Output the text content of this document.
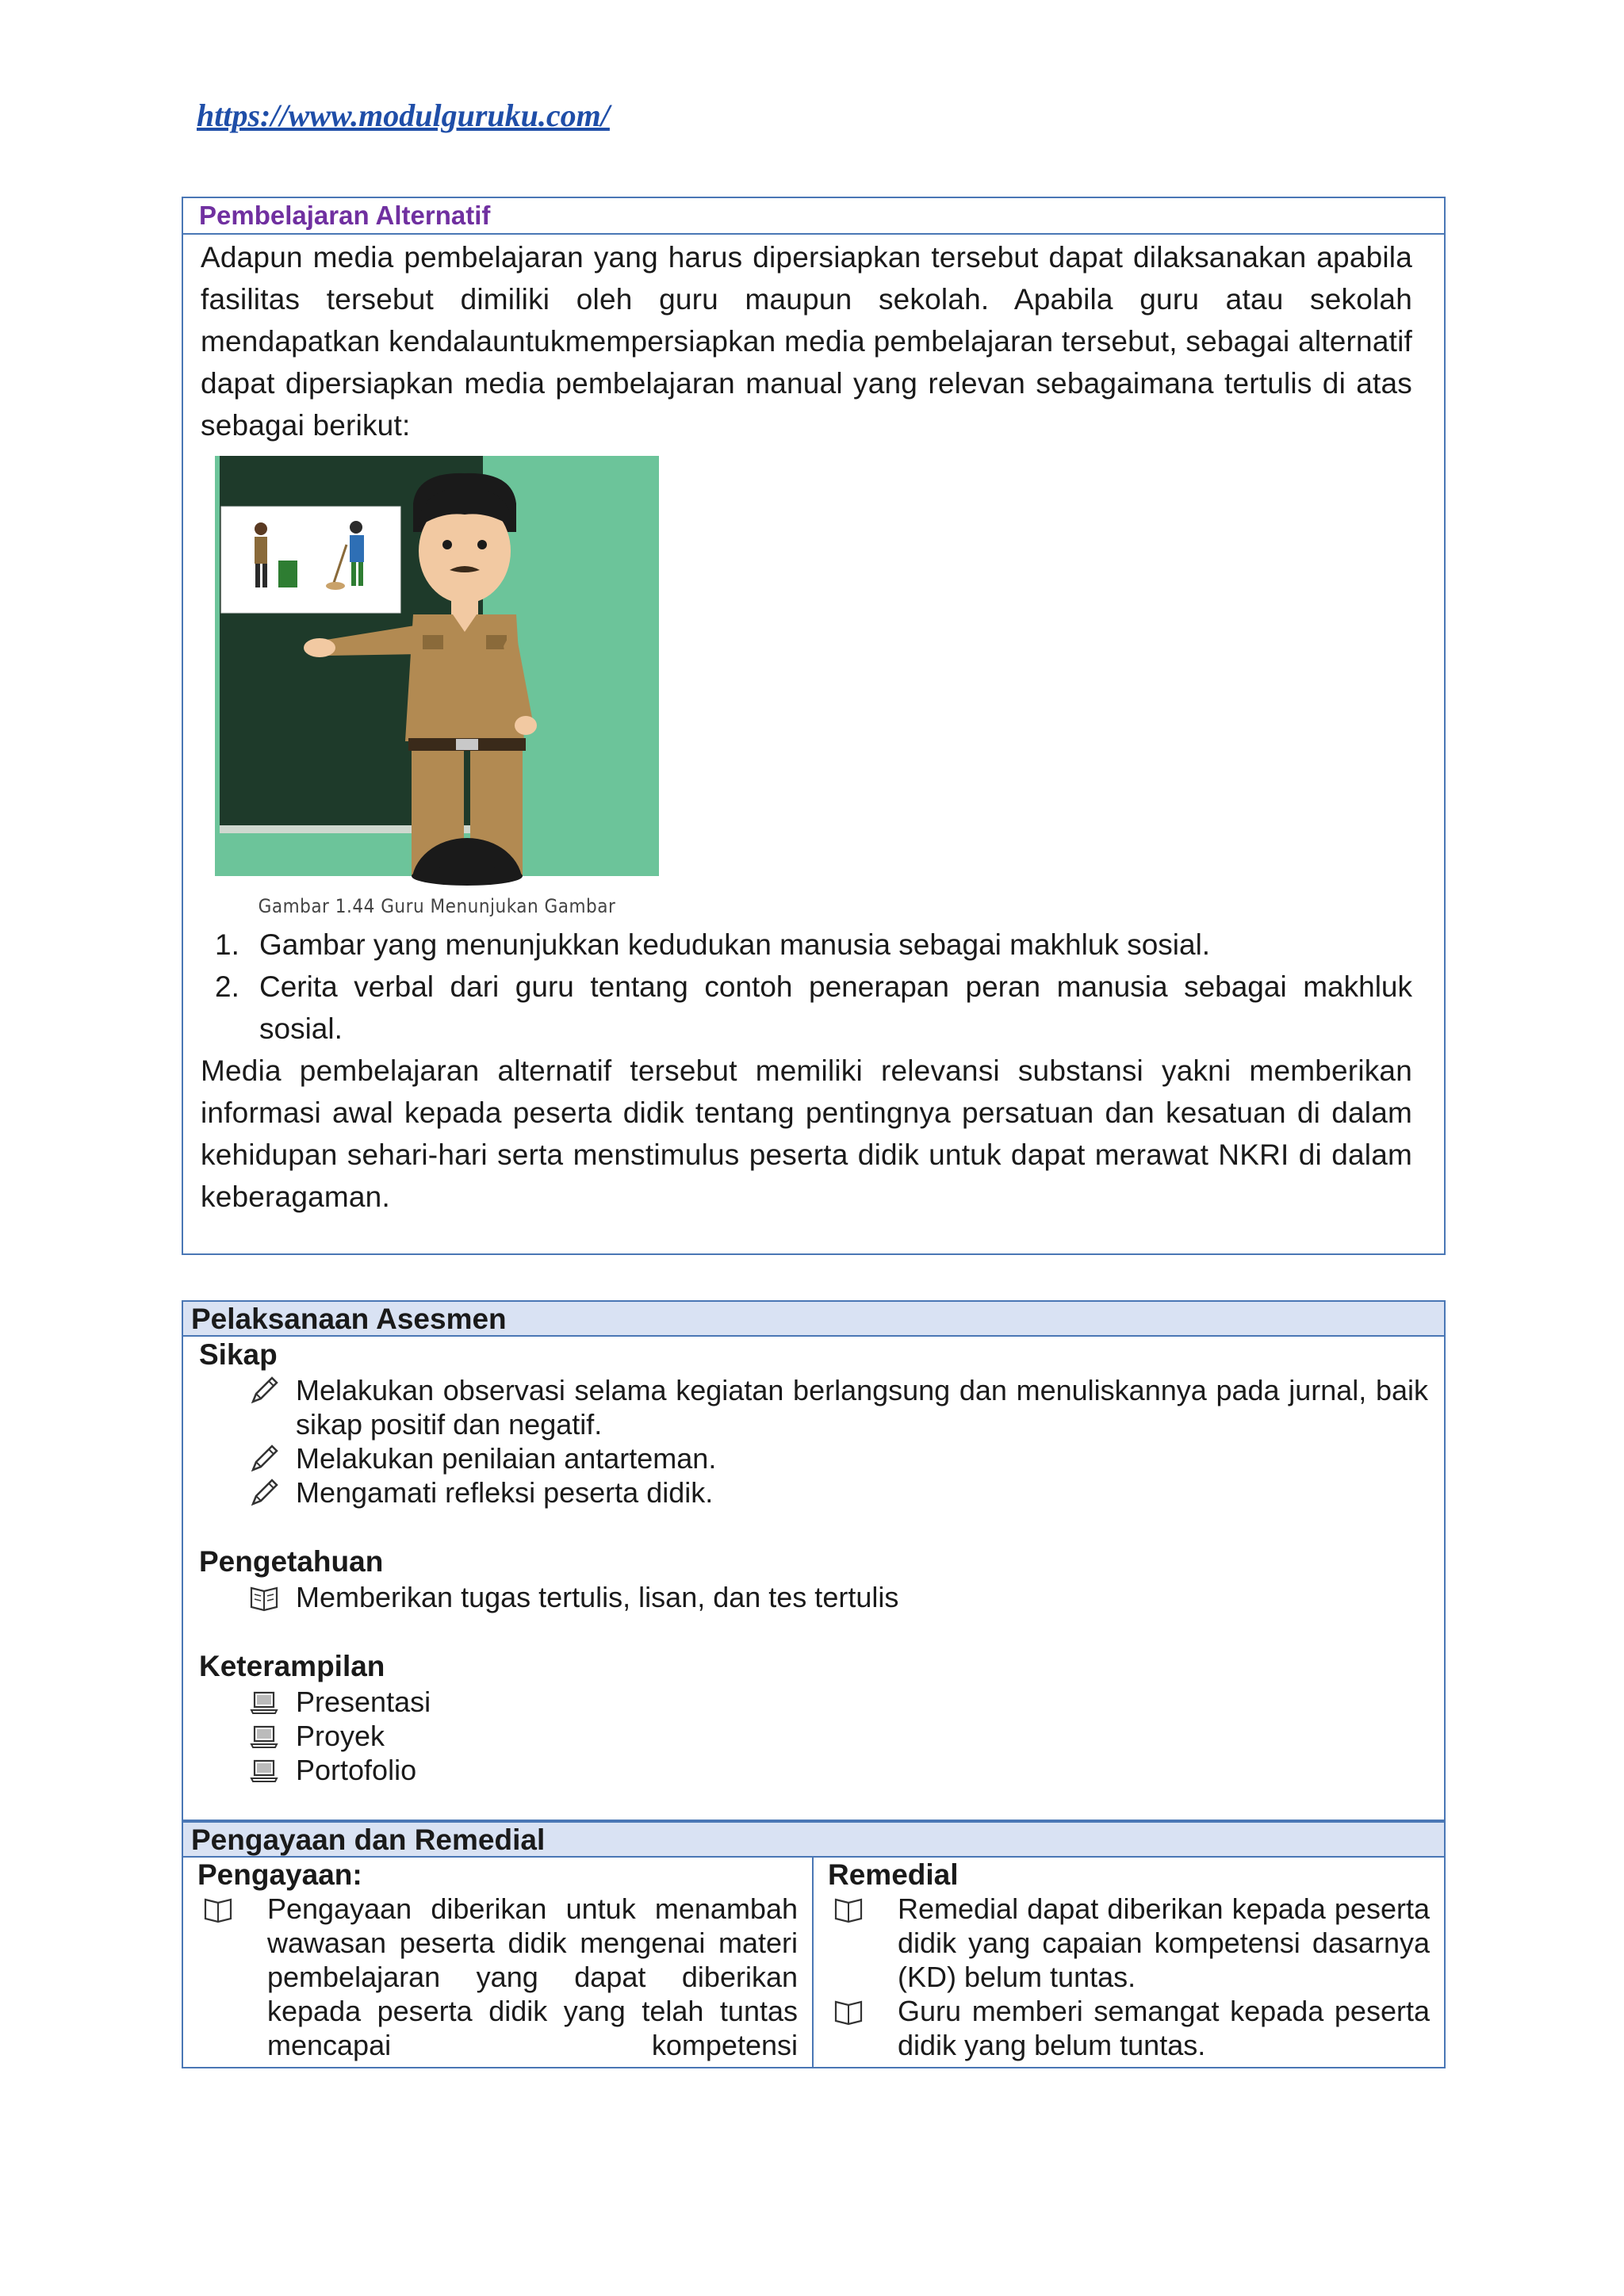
https://www.modulguruku.com/
Pembelajaran Alternatif

Adapun media pembelajaran yang harus dipersiapkan tersebut dapat dilaksanakan apabila fasilitas tersebut dimiliki oleh guru maupun sekolah. Apabila guru atau sekolah mendapatkan kendalauntukmempersiapkan media pembelajaran tersebut, sebagai alternatif dapat dipersiapkan media pembelajaran manual yang relevan sebagaimana tertulis di atas sebagai berikut:

Gambar 1.44 Guru Menunjukan Gambar
1. Gambar yang menunjukkan kedudukan manusia sebagai makhluk sosial.
2. Cerita verbal dari guru tentang contoh penerapan peran manusia sebagai makhluk sosial.

Media pembelajaran alternatif tersebut memiliki relevansi substansi yakni memberikan informasi awal kepada peserta didik tentang pentingnya persatuan dan kesatuan di dalam kehidupan sehari-hari serta menstimulus peserta didik untuk dapat merawat NKRI di dalam keberagaman.

Pelaksanaan Asesmen
Sikap
Melakukan observasi selama kegiatan berlangsung dan menuliskannya pada jurnal, baik sikap positif dan negatif.
Melakukan penilaian antarteman.
Mengamati refleksi peserta didik.
Pengetahuan
Memberikan tugas tertulis, lisan, dan tes tertulis
Keterampilan
Presentasi
Proyek
Portofolio
Pengayaan dan Remedial
Pengayaan:
Pengayaan diberikan untuk menambah wawasan peserta didik mengenai materi pembelajaran yang dapat diberikan kepada peserta didik yang telah tuntas mencapai kompetensi
Remedial
Remedial dapat diberikan kepada peserta didik yang capaian kompetensi dasarnya (KD) belum tuntas.
Guru memberi semangat kepada peserta didik yang belum tuntas.
